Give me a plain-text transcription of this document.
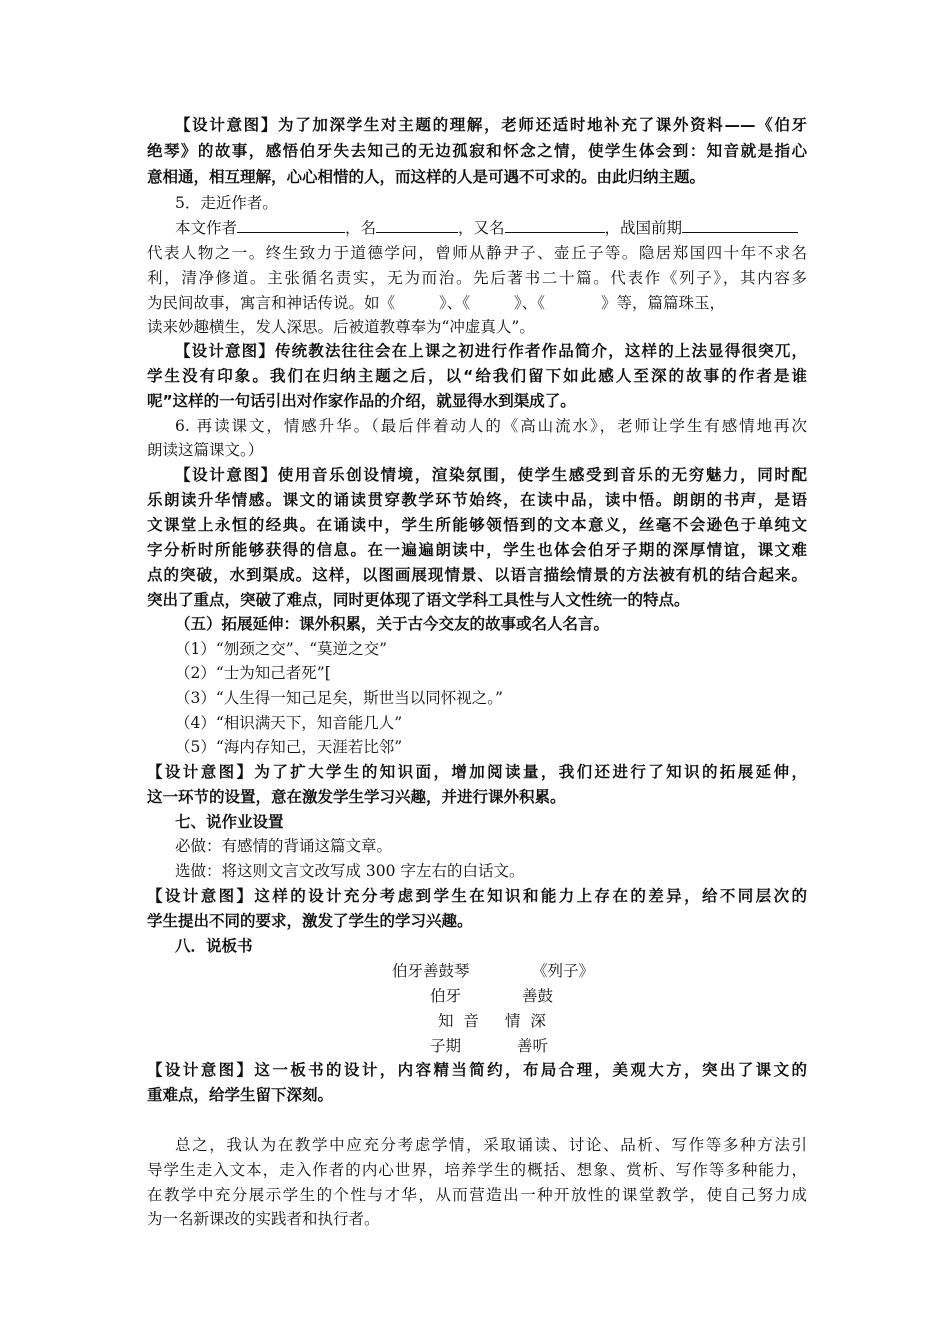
【设计意图】为了加深学生对主题的理解，老师还适时地补充了课外资料——《伯牙
绝琴》的故事，感悟伯牙失去知己的无边孤寂和怀念之情，使学生体会到：知音就是指心
意相通，相互理解，心心相惜的人，而这样的人是可遇不可求的。由此归纳主题。
5．走近作者。
本文作者	，名	，又名	，战国前期
代表人物之一。终生致力于道德学问，曾师从静尹子、壶丘子等。隐居郑国四十年不求名
利，清净修道。主张循名责实，无为而治。先后著书二十篇。代表作《列子》，其内容多
为民间故事，寓言和神话传说。如《	》、《	》、《	》等，篇篇珠玉，
读来妙趣横生，发人深思。后被道教尊奉为“冲虚真人”。
【设计意图】传统教法往往会在上课之初进行作者作品简介，这样的上法显得很突兀，
学生没有印象。我们在归纳主题之后，以“给我们留下如此感人至深的故事的作者是谁
呢”这样的一句话引出对作家作品的介绍，就显得水到渠成了。
6. 再读课文，情感升华。（最后伴着动人的《高山流水》，老师让学生有感情地再次
朗读这篇课文。）
【设计意图】使用音乐创设情境，渲染氛围，使学生感受到音乐的无穷魅力，同时配
乐朗读升华情感。课文的诵读贯穿教学环节始终，在读中品，读中悟。朗朗的书声，是语
文课堂上永恒的经典。在诵读中，学生所能够领悟到的文本意义，丝毫不会逊色于单纯文
字分析时所能够获得的信息。在一遍遍朗读中，学生也体会伯牙子期的深厚情谊，课文难
点的突破，水到渠成。这样，以图画展现情景、以语言描绘情景的方法被有机的结合起来。
突出了重点，突破了难点，同时更体现了语文学科工具性与人文性统一的特点。
（五）拓展延伸：课外积累，关于古今交友的故事或名人名言。
（1）“刎颈之交”、“莫逆之交”
（2）“士为知己者死”[
（3）“人生得一知己足矣，斯世当以同怀视之。”
（4）“相识满天下，知音能几人”
（5）“海内存知己，天涯若比邻”
【设计意图】为了扩大学生的知识面，增加阅读量，我们还进行了知识的拓展延伸，
这一环节的设置，意在激发学生学习兴趣，并进行课外积累。
七、说作业设置
必做：有感情的背诵这篇文章。
选做：将这则文言文改写成 300 字左右的白话文。
【设计意图】这样的设计充分考虑到学生在知识和能力上存在的差异，给不同层次的
学生提出不同的要求，激发了学生的学习兴趣。
八．说板书
伯牙善鼓琴	《列子》
伯牙	善鼓
知  音 情  深
子期	善听
【设计意图】这一板书的设计，内容精当简约，布局合理，美观大方，突出了课文的
重难点，给学生留下深刻。
总之，我认为在教学中应充分考虑学情，采取诵读、讨论、品析、写作等多种方法引
导学生走入文本，走入作者的内心世界，培养学生的概括、想象、赏析、写作等多种能力，
在教学中充分展示学生的个性与才华，从而营造出一种开放性的课堂教学，使自己努力成
为一名新课改的实践者和执行者。
